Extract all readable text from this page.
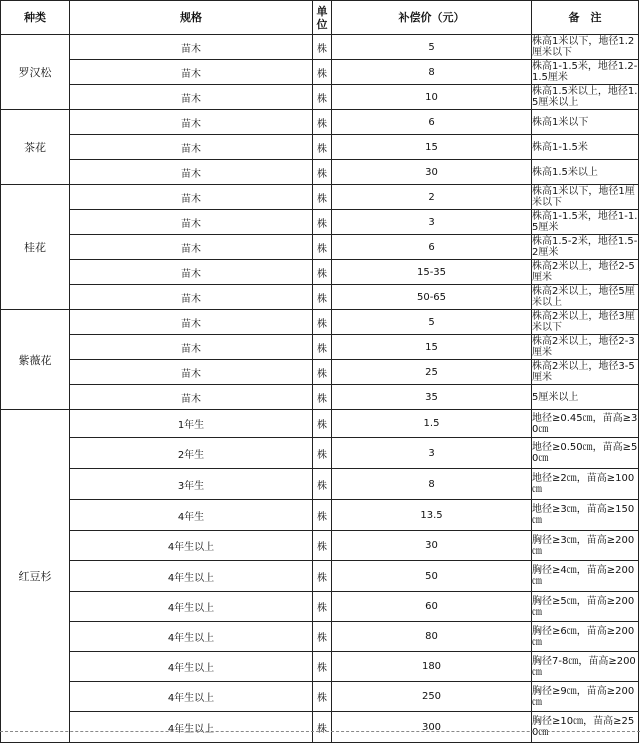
种类	规格	单位	补偿价（元）	备　注
罗汉松	苗木	株	5	株高1米以下，地径1.2厘米以下
	苗木	株	8	株高1-1.5米，地径1.2-1.5厘米
	苗木	株	10	株高1.5米以上，地径1.5厘米以上
茶花	苗木	株	6	株高1米以下
	苗木	株	15	株高1-1.5米
	苗木	株	30	株高1.5米以上
桂花	苗木	株	2	株高1米以下，地径1厘米以下
	苗木	株	3	株高1-1.5米，地径1-1.5厘米
	苗木	株	6	株高1.5-2米，地径1.5-2厘米
	苗木	株	15-35	株高2米以上，地径2-5厘米
	苗木	株	50-65	株高2米以上，地径5厘米以上
紫薇花	苗木	株	5	株高2米以上，地径3厘米以下
	苗木	株	15	株高2米以上，地径2-3厘米
	苗木	株	25	株高2米以上，地径3-5厘米
	苗木	株	35	5厘米以上
红豆杉	1年生	株	1.5	地径≥0.45㎝，苗高≥30㎝
	2年生	株	3	地径≥0.50㎝，苗高≥50㎝
	3年生	株	8	地径≥2㎝，苗高≥100㎝
	4年生	株	13.5	地径≥3㎝，苗高≥150㎝
	4年生以上	株	30	胸径≥3㎝，苗高≥200㎝
	4年生以上	株	50	胸径≥4㎝，苗高≥200㎝
	4年生以上	株	60	胸径≥5㎝，苗高≥200㎝
	4年生以上	株	80	胸径≥6㎝，苗高≥200㎝
	4年生以上	株	180	胸径7-8㎝，苗高≥200㎝
	4年生以上	株	250	胸径≥9㎝，苗高≥200㎝
	4年生以上	株	300	胸径≥10㎝，苗高≥250㎝
